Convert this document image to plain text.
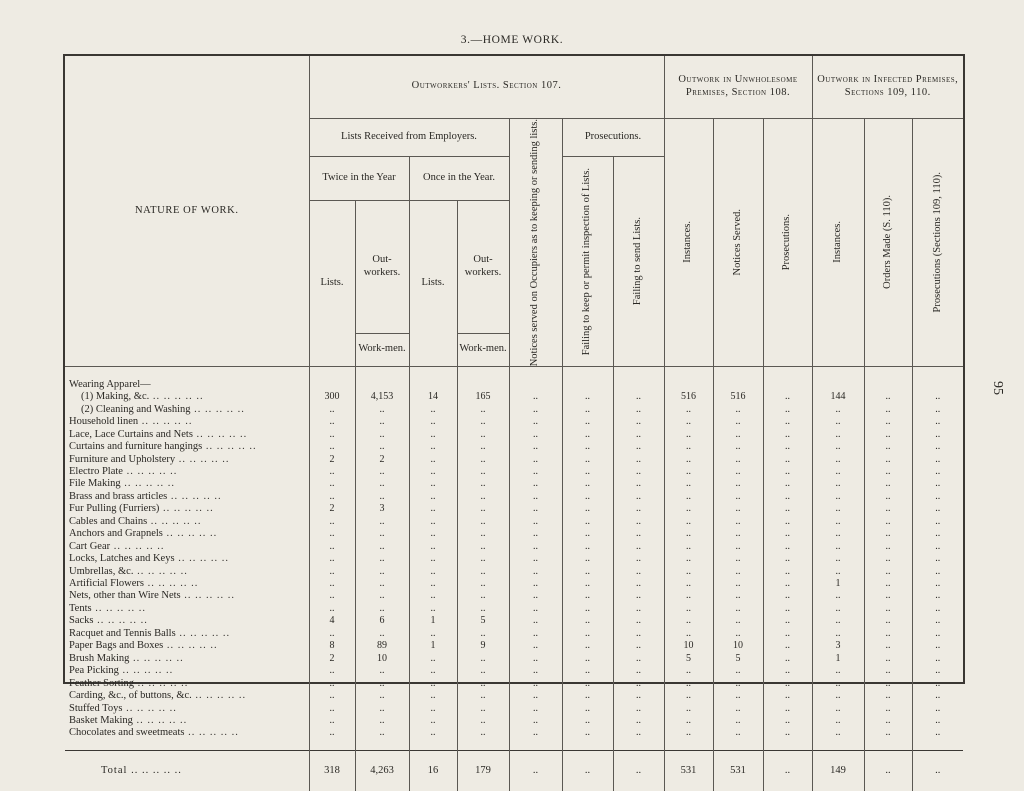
3.—HOME WORK.
95
NATURE OF WORK.	Outworkers' Lists. Section 107.							Outwork in Unwholesome Premises, Section 108.			Outwork in Infected Premises, Sections 109, 110.		
	Lists Received from Employers.				Notices served on Occupiers as to keeping or sending lists.	Prosecutions.		Instances.	Notices Served.	Prosecutions.	Instances.	Orders Made (S. 110).	Prosecutions (Sections 109, 110).

	Twice in the Year		Once in the Year.			Failing to keep or permit inspection of Lists.	Failing to send Lists.						

	Lists.	Out-workers.	Lists.	Out-workers.									
		Work-men.		Work-men.									
Wearing Apparel—													
(1) Making, &c. .. .. .. .. ..	300	4,153	14	165	..	..	..	516	516	..	144	..	..
(2) Cleaning and Washing .. .. .. .. ..	..	..	..	..	..	..	..	..	..	..	..	..	..
Household linen .. .. .. .. ..	..	..	..	..	..	..	..	..	..	..	..	..	..
Lace, Lace Curtains and Nets .. .. .. .. ..	..	..	..	..	..	..	..	..	..	..	..	..	..
Curtains and furniture hangings .. .. .. .. ..	..	..	..	..	..	..	..	..	..	..	..	..	..
Furniture and Upholstery .. .. .. .. ..	2	2	..	..	..	..	..	..	..	..	..	..	..
Electro Plate .. .. .. .. ..	..	..	..	..	..	..	..	..	..	..	..	..	..
File Making .. .. .. .. ..	..	..	..	..	..	..	..	..	..	..	..	..	..
Brass and brass articles .. .. .. .. ..	..	..	..	..	..	..	..	..	..	..	..	..	..
Fur Pulling (Furriers) .. .. .. .. ..	2	3	..	..	..	..	..	..	..	..	..	..	..
Cables and Chains .. .. .. .. ..	..	..	..	..	..	..	..	..	..	..	..	..	..
Anchors and Grapnels .. .. .. .. ..	..	..	..	..	..	..	..	..	..	..	..	..	..
Cart Gear .. .. .. .. ..	..	..	..	..	..	..	..	..	..	..	..	..	..
Locks, Latches and Keys .. .. .. .. ..	..	..	..	..	..	..	..	..	..	..	..	..	..
Umbrellas, &c. .. .. .. .. ..	..	..	..	..	..	..	..	..	..	..	..	..	..
Artificial Flowers .. .. .. .. ..	..	..	..	..	..	..	..	..	..	..	1	..	..
Nets, other than Wire Nets .. .. .. .. ..	..	..	..	..	..	..	..	..	..	..	..	..	..
Tents .. .. .. .. ..	..	..	..	..	..	..	..	..	..	..	..	..	..
Sacks .. .. .. .. ..	4	6	1	5	..	..	..	..	..	..	..	..	..
Racquet and Tennis Balls .. .. .. .. ..	..	..	..	..	..	..	..	..	..	..	..	..	..
Paper Bags and Boxes .. .. .. .. ..	8	89	1	9	..	..	..	10	10	..	3	..	..
Brush Making .. .. .. .. ..	2	10	..	..	..	..	..	5	5	..	1	..	..
Pea Picking .. .. .. .. ..	..	..	..	..	..	..	..	..	..	..	..	..	..
Feather Sorting .. .. .. .. ..	..	..	..	..	..	..	..	..	..	..	..	..	..
Carding, &c., of buttons, &c. .. .. .. .. ..	..	..	..	..	..	..	..	..	..	..	..	..	..
Stuffed Toys .. .. .. .. ..	..	..	..	..	..	..	..	..	..	..	..	..	..
Basket Making .. .. .. .. ..	..	..	..	..	..	..	..	..	..	..	..	..	..
Chocolates and sweetmeats .. .. .. .. ..	..	..	..	..	..	..	..	..	..	..	..	..	..

Total .. .. .. .. ..	318	4,263	16	179	..	..	..	531	531	..	149	..	..
